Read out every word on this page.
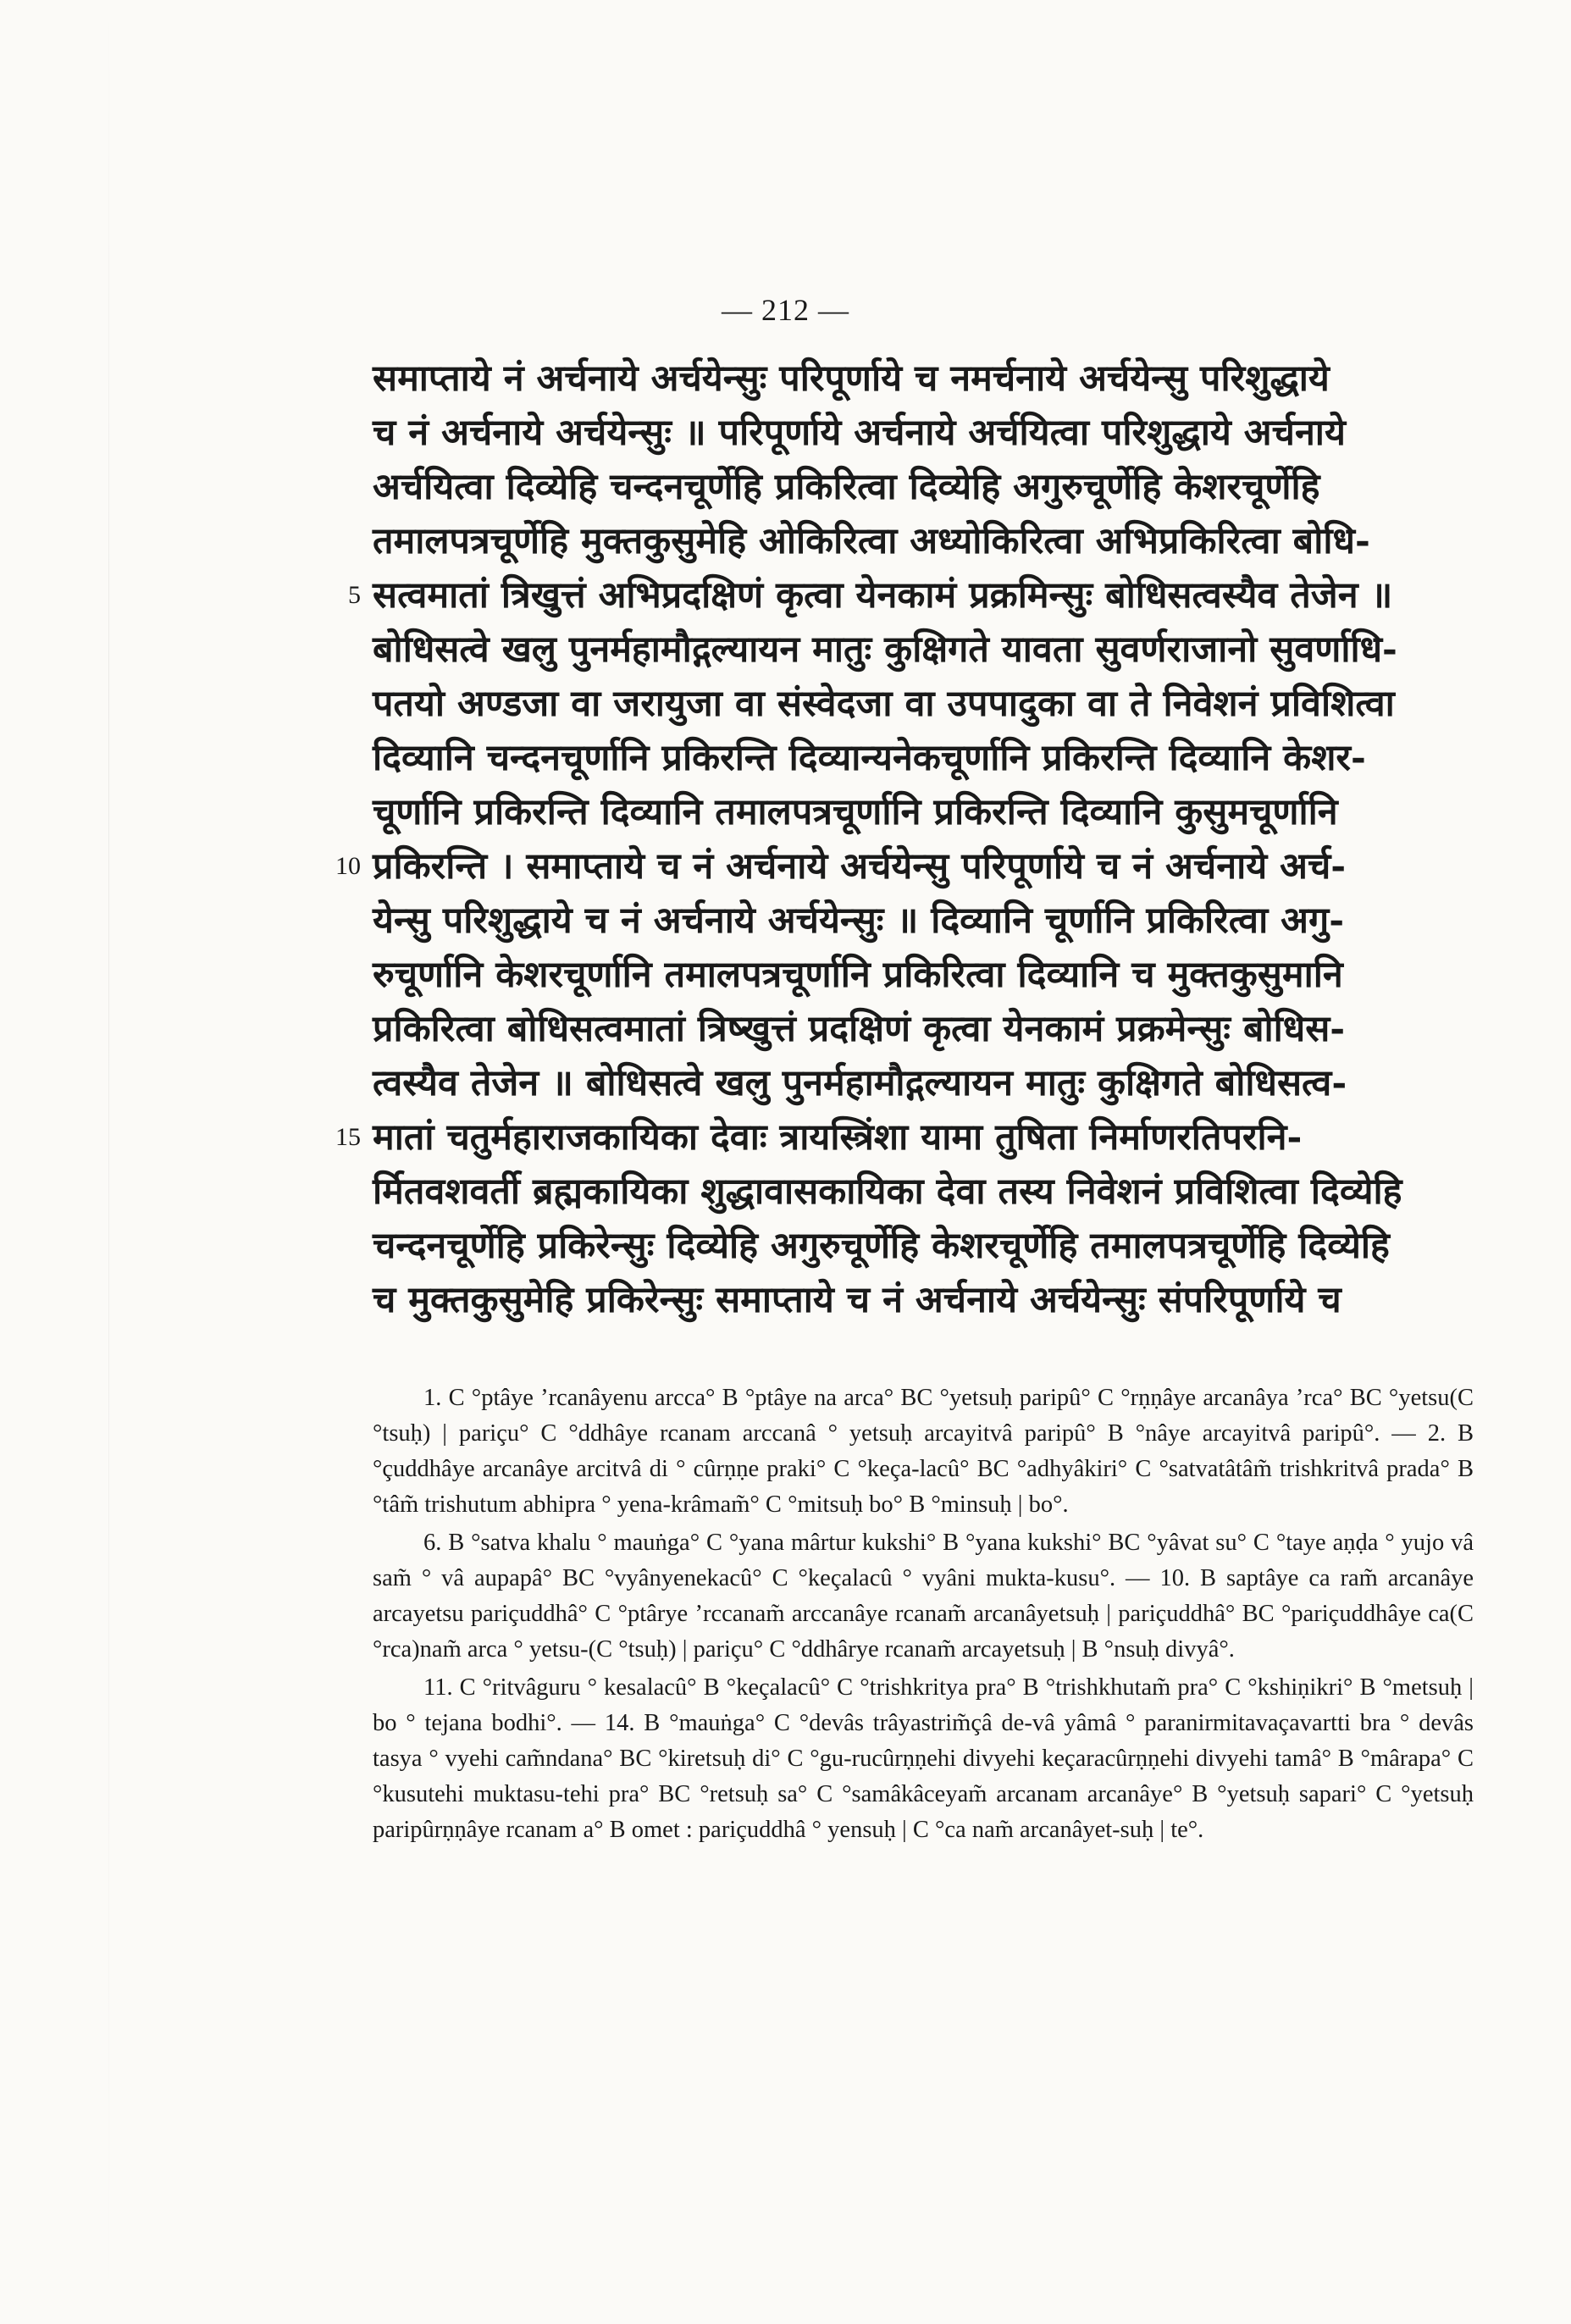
— 212 —
समाप्ताये नं अर्चनाये अर्चयेन्सुः परिपूर्णाये च नमर्चनाये अर्चयेन्सु परिशुद्धाये
च नं अर्चनाये अर्चयेन्सुः ॥ परिपूर्णाये अर्चनाये अर्चयित्वा परिशुद्धाये अर्चनाये
अर्चयित्वा दिव्येहि चन्दनचूर्णेहि प्रकिरित्वा दिव्येहि अगुरुचूर्णेहि केशरचूर्णेहि
तमालपत्रचूर्णेहि मुक्तकुसुमेहि ओकिरित्वा अध्योकिरित्वा अभिप्रकिरित्वा बोधि-
5 सत्वमातां त्रिखुत्तं अभिप्रदक्षिणं कृत्वा येनकामं प्रक्रमिन्सुः बोधिसत्वस्यैव तेजेन ॥
बोधिसत्वे खलु पुनर्महामौद्गल्यायन मातुः कुक्षिगते यावता सुवर्णराजानो सुवर्णाधि-
पतयो अण्डजा वा जरायुजा वा संस्वेदजा वा उपपादुका वा ते निवेशनं प्रविशित्वा
दिव्यानि चन्दनचूर्णानि प्रकिरन्ति दिव्यान्यनेकचूर्णानि प्रकिरन्ति दिव्यानि केशर-
चूर्णानि प्रकिरन्ति दिव्यानि तमालपत्रचूर्णानि प्रकिरन्ति दिव्यानि कुसुमचूर्णानि
10 प्रकिरन्ति । समाप्ताये च नं अर्चनाये अर्चयेन्सु परिपूर्णाये च नं अर्चनाये अर्च-
येन्सु परिशुद्धाये च नं अर्चनाये अर्चयेन्सुः ॥ दिव्यानि चूर्णानि प्रकिरित्वा अगु-
रुचूर्णानि केशरचूर्णानि तमालपत्रचूर्णानि प्रकिरित्वा दिव्यानि च मुक्तकुसुमानि
प्रकिरित्वा बोधिसत्वमातां त्रिष्खुत्तं प्रदक्षिणं कृत्वा येनकामं प्रक्रमेन्सुः बोधिस-
त्वस्यैव तेजेन ॥ बोधिसत्वे खलु पुनर्महामौद्गल्यायन मातुः कुक्षिगते बोधिसत्व-
15 मातां चतुर्महाराजकायिका देवाः त्रायस्त्रिंशा यामा तुषिता निर्माणरतिपरनि-
र्मितवशवर्ती ब्रह्मकायिका शुद्धावासकायिका देवा तस्य निवेशनं प्रविशित्वा दिव्येहि
चन्दनचूर्णेहि प्रकिरेन्सुः दिव्येहि अगुरुचूर्णेहि केशरचूर्णेहि तमालपत्रचूर्णेहि दिव्येहि
च मुक्तकुसुमेहि प्रकिरेन्सुः समाप्ताये च नं अर्चनाये अर्चयेन्सुः संपरिपूर्णाये च

1. C °ptâye ’rcanâyenu arcca° B °ptâye na arca° BC °yetsuḥ paripû° C °rṇṇâye arcanâya ’rca° BC °yetsu(C °tsuḥ) | pariçu° C °ddhâye rcanam arccanâ ° yetsuḥ arcayitvâ paripû° B °nâye arcayitvâ paripû°. — 2. B °çuddhâye arcanâye arcitvâ di ° cûrṇṇe praki° C °keça-lacû° BC °adhyâkiri° C °satvatâtâm̃ trishkritvâ prada° B °tâm̃ trishutum abhipra ° yena-krâmam̃° C °mitsuḥ bo° B °minsuḥ | bo°.

6. B °satva khalu ° mauṅga° C °yana mârtur kukshi° B °yana kukshi° BC °yâvat su° C °taye aṇḍa ° yujo vâ sam̃ ° vâ aupapâ° BC °vyânyenekacû° C °keçalacû ° vyâni mukta-kusu°. — 10. B saptâye ca ram̃ arcanâye arcayetsu pariçuddhâ° C °ptârye ’rccanam̃ arccanâye rcanam̃ arcanâyetsuḥ | pariçuddhâ° BC °pariçuddhâye ca(C °rca)nam̃ arca ° yetsu-(C °tsuḥ) | pariçu° C °ddhârye rcanam̃ arcayetsuḥ | B °nsuḥ divyâ°.

11. C °ritvâguru ° kesalacû° B °keçalacû° C °trishkritya pra° B °trishkhutam̃ pra° C °kshiṇikri° B °metsuḥ | bo ° tejana bodhi°. — 14. B °mauṅga° C °devâs trâyastrim̃çâ de-vâ yâmâ ° paranirmitavaçavartti bra ° devâs tasya ° vyehi cam̃ndana° BC °kiretsuḥ di° C °gu-rucûrṇṇehi divyehi keçaracûrṇṇehi divyehi tamâ° B °mârapa° C °kusutehi muktasu-tehi pra° BC °retsuḥ sa° C °samâkâceyam̃ arcanam arcanâye° B °yetsuḥ sapari° C °yetsuḥ paripûrṇṇâye rcanam a° B omet : pariçuddhâ ° yensuḥ | C °ca nam̃ arcanâyet-suḥ | te°.
